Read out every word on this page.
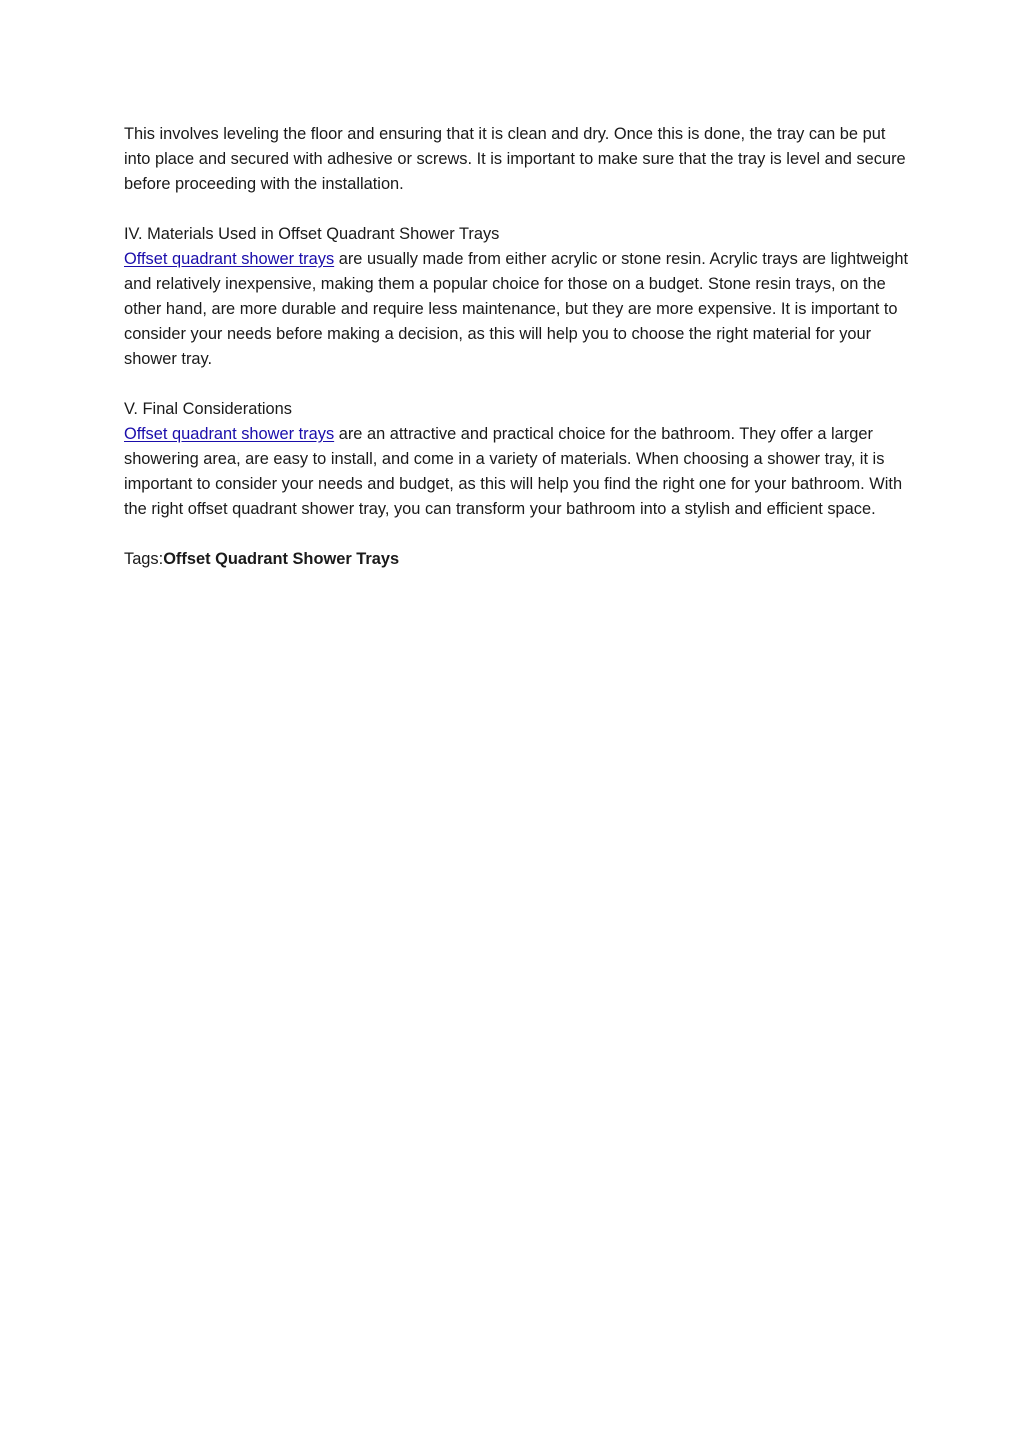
This involves leveling the floor and ensuring that it is clean and dry. Once this is done, the tray can be put into place and secured with adhesive or screws. It is important to make sure that the tray is level and secure before proceeding with the installation.

IV. Materials Used in Offset Quadrant Shower Trays

Offset quadrant shower trays are usually made from either acrylic or stone resin. Acrylic trays are lightweight and relatively inexpensive, making them a popular choice for those on a budget. Stone resin trays, on the other hand, are more durable and require less maintenance, but they are more expensive. It is important to consider your needs before making a decision, as this will help you to choose the right material for your shower tray.

V. Final Considerations

Offset quadrant shower trays are an attractive and practical choice for the bathroom. They offer a larger showering area, are easy to install, and come in a variety of materials. When choosing a shower tray, it is important to consider your needs and budget, as this will help you find the right one for your bathroom. With the right offset quadrant shower tray, you can transform your bathroom into a stylish and efficient space.

Tags:Offset Quadrant Shower Trays
